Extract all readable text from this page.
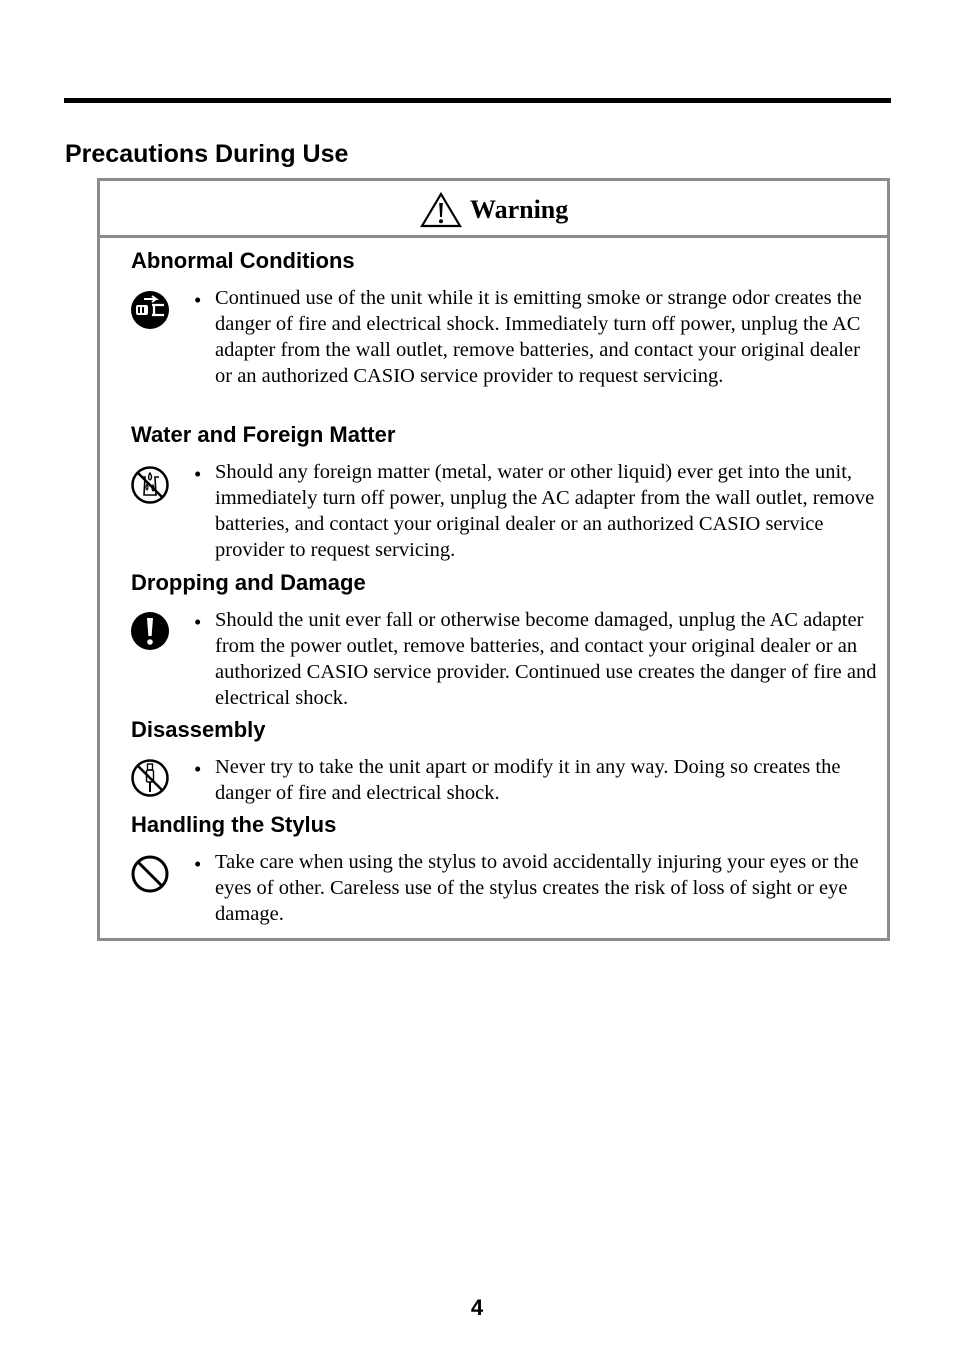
Precautions During Use
Warning
Abnormal Conditions
• Continued use of the unit while it is emitting smoke or strange odor creates the danger of fire and electrical shock. Immediately turn off power, unplug the AC adapter from the wall outlet, remove batteries, and contact your original dealer or an authorized CASIO service provider to request servicing.

Water and Foreign Matter
• Should any foreign matter (metal, water or other liquid) ever get into the unit, immediately turn off power, unplug the AC adapter from the wall outlet, remove batteries, and contact your original dealer or an authorized CASIO service provider to request servicing.

Dropping and Damage
• Should the unit ever fall or otherwise become damaged, unplug the AC adapter from the power outlet, remove batteries, and contact your original dealer or an authorized CASIO service provider. Continued use creates the danger of fire and electrical shock.

Disassembly
• Never try to take the unit apart or modify it in any way. Doing so creates the danger of fire and electrical shock.

Handling the Stylus
• Take care when using the stylus to avoid accidentally injuring your eyes or the eyes of other. Careless use of the stylus creates the risk of loss of sight or eye damage.

4
